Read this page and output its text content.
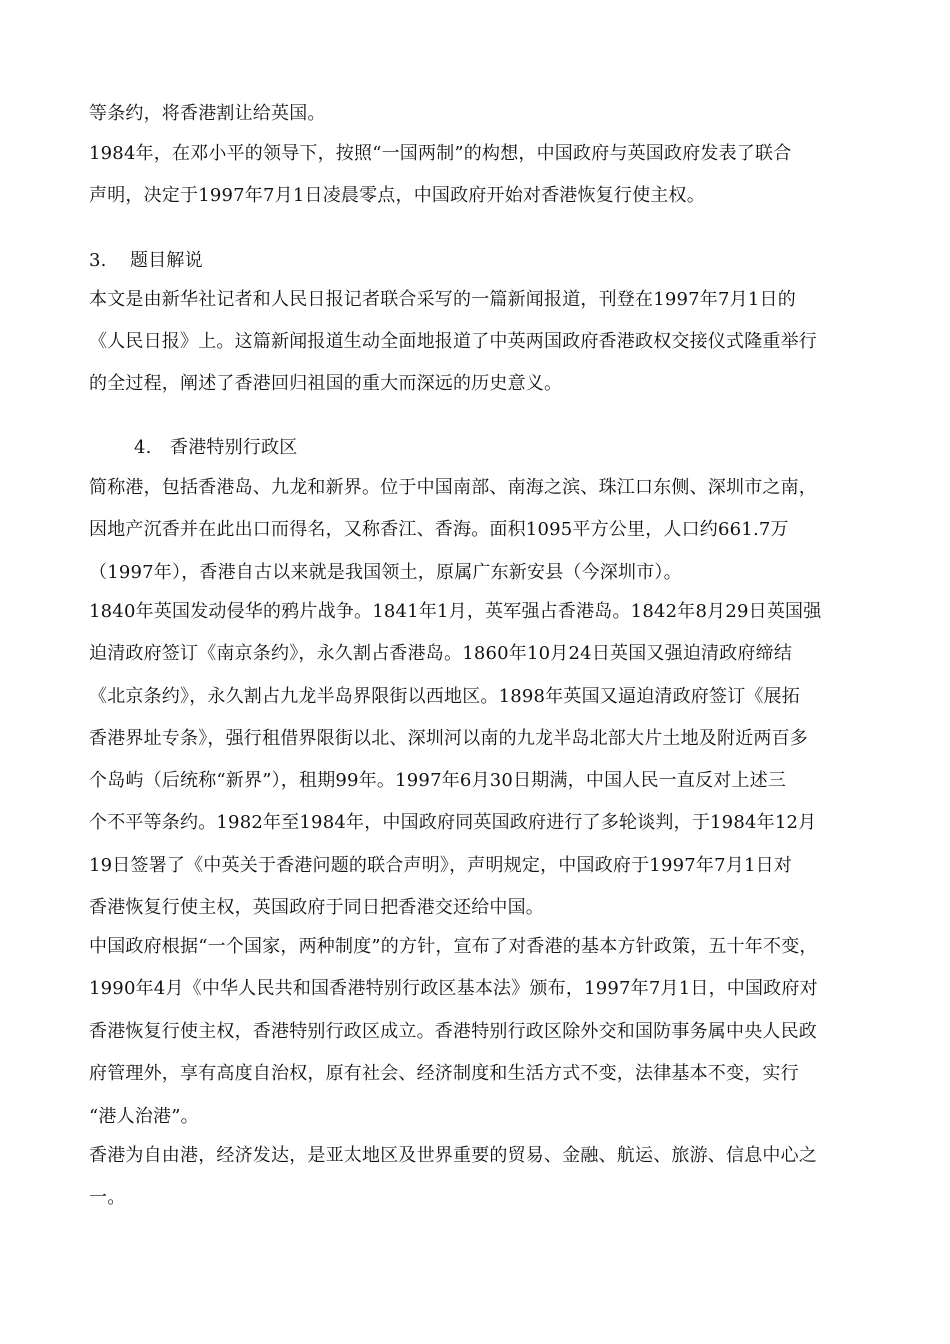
等条约，将香港割让给英国。
1984年，在邓小平的领导下，按照“一国两制”的构想，中国政府与英国政府发表了联合
声明，决定于1997年7月1日凌晨零点，中国政府开始对香港恢复行使主权。
3. 题目解说
本文是由新华社记者和人民日报记者联合采写的一篇新闻报道，刊登在1997年7月1日的
《人民日报》上。这篇新闻报道生动全面地报道了中英两国政府香港政权交接仪式隆重举行
的全过程，阐述了香港回归祖国的重大而深远的历史意义。
4. 香港特别行政区
简称港，包括香港岛、九龙和新界。位于中国南部、南海之滨、珠江口东侧、深圳市之南，
因地产沉香并在此出口而得名，又称香江、香海。面积1095平方公里，人口约661.7万
（1997年），香港自古以来就是我国领土，原属广东新安县（今深圳市）。
1840年英国发动侵华的鸦片战争。1841年1月，英军强占香港岛。1842年8月29日英国强
迫清政府签订《南京条约》，永久割占香港岛。1860年10月24日英国又强迫清政府缔结
《北京条约》，永久割占九龙半岛界限街以西地区。1898年英国又逼迫清政府签订《展拓
香港界址专条》，强行租借界限街以北、深圳河以南的九龙半岛北部大片土地及附近两百多
个岛屿（后统称“新界”），租期99年。1997年6月30日期满，中国人民一直反对上述三
个不平等条约。1982年至1984年，中国政府同英国政府进行了多轮谈判，于1984年12月
19日签署了《中英关于香港问题的联合声明》，声明规定，中国政府于1997年7月1日对
香港恢复行使主权，英国政府于同日把香港交还给中国。
中国政府根据“一个国家，两种制度”的方针，宣布了对香港的基本方针政策，五十年不变，
1990年4月《中华人民共和国香港特别行政区基本法》颁布，1997年7月1日，中国政府对
香港恢复行使主权，香港特别行政区成立。香港特别行政区除外交和国防事务属中央人民政
府管理外，享有高度自治权，原有社会、经济制度和生活方式不变，法律基本不变，实行
“港人治港”。
香港为自由港，经济发达，是亚太地区及世界重要的贸易、金融、航运、旅游、信息中心之
一。
